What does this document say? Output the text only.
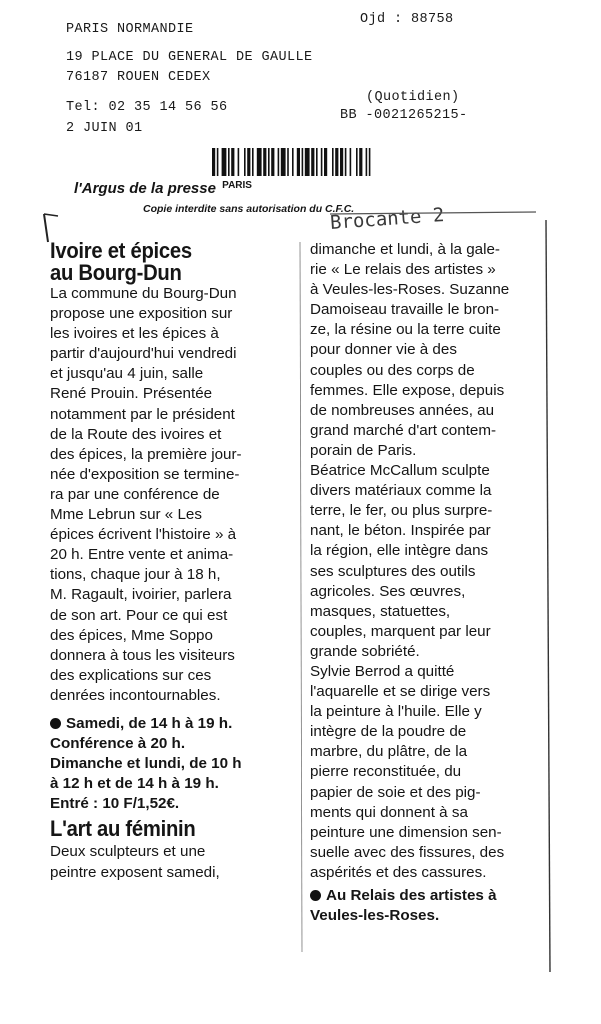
PARIS NORMANDIE
Ojd : 88758
19 PLACE DU GENERAL DE GAULLE
76187 ROUEN CEDEX
Tel: 02 35 14 56 56
2 JUIN 01
(Quotidien)
BB -0021265215-
l'Argus de la presse $^{PARIS}$
Copie interdite sans autorisation du C.F.C.
Brocante 2
Ivoire et épices
au Bourg-Dun
La commune du Bourg-Dun
propose une exposition sur
les ivoires et les épices à
partir d'aujourd'hui vendredi
et jusqu'au 4 juin, salle
René Prouin. Présentée
notamment par le président
de la Route des ivoires et
des épices, la première jour-
née d'exposition se termine-
ra par une conférence de
Mme Lebrun sur « Les
épices écrivent l'histoire » à
20 h. Entre vente et anima-
tions, chaque jour à 18 h,
M. Ragault, ivoirier, parlera
de son art. Pour ce qui est
des épices, Mme Soppo
donnera à tous les visiteurs
des explications sur ces
denrées incontournables.
Samedi, de 14 h à 19 h.
Conférence à 20 h.
Dimanche et lundi, de 10 h
à 12 h et de 14 h à 19 h.
Entré : 10 F/1,52€.
L'art au féminin
Deux sculpteurs et une
peintre exposent samedi,
dimanche et lundi, à la gale-
rie « Le relais des artistes »
à Veules-les-Roses. Suzanne
Damoiseau travaille le bron-
ze, la résine ou la terre cuite
pour donner vie à des
couples ou des corps de
femmes. Elle expose, depuis
de nombreuses années, au
grand marché d'art contem-
porain de Paris.
Béatrice McCallum sculpte
divers matériaux comme la
terre, le fer, ou plus surpre-
nant, le béton. Inspirée par
la région, elle intègre dans
ses sculptures des outils
agricoles. Ses œuvres,
masques, statuettes,
couples, marquent par leur
grande sobriété.
Sylvie Berrod a quitté
l'aquarelle et se dirige vers
la peinture à l'huile. Elle y
intègre de la poudre de
marbre, du plâtre, de la
pierre reconstituée, du
papier de soie et des pig-
ments qui donnent à sa
peinture une dimension sen-
suelle avec des fissures, des
aspérités et des cassures.
Au Relais des artistes à
Veules-les-Roses.
